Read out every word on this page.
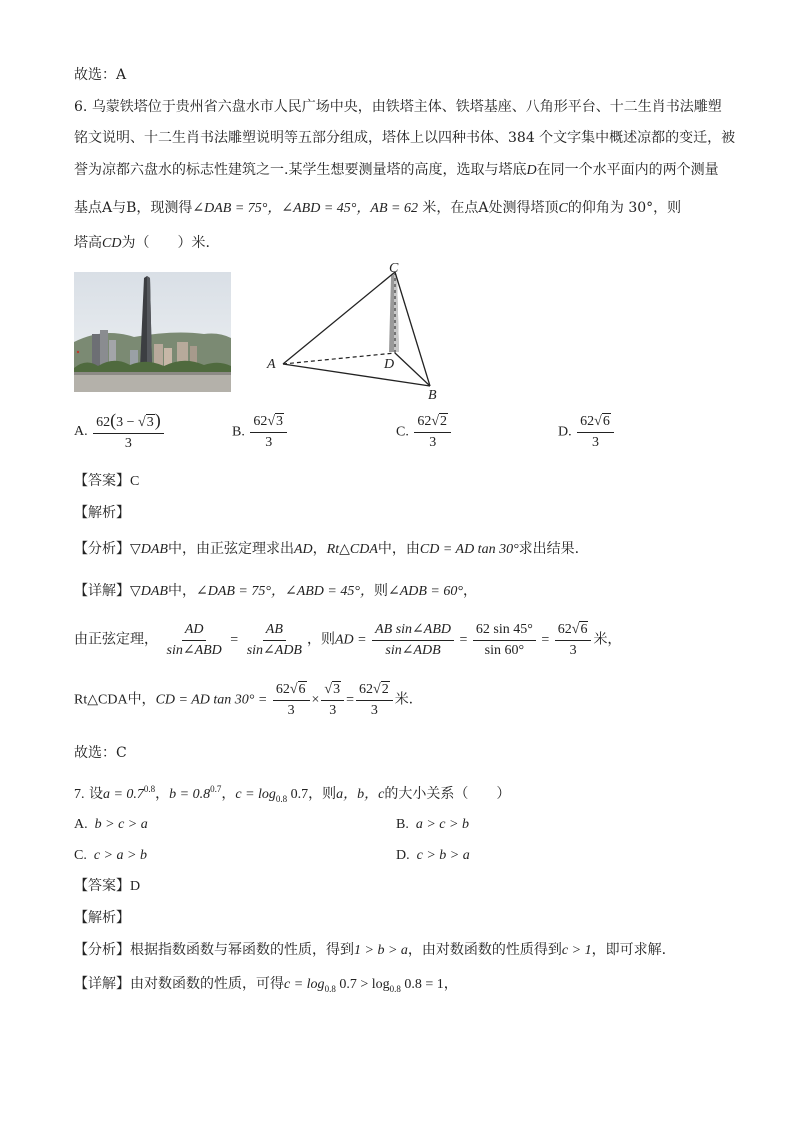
故选：A
6. 乌蒙铁塔位于贵州省六盘水市人民广场中央，由铁塔主体、铁塔基座、八角形平台、十二生肖书法雕塑
铭文说明、十二生肖书法雕塑说明等五部分组成，塔体上以四种书体、384 个文字集中概述凉都的变迁，被
誉为凉都六盘水的标志性建筑之一.某学生想要测量塔的高度，选取与塔底D在同一个水平面内的两个测量
基点A与B，现测得∠DAB = 75°，∠ABD = 45°，AB = 62 米，在点A处测得塔顶C的仰角为 30°，则
塔高CD为（　　）米.
C
A	D
B
A. $\frac{62(3 - √3)}{3}$	B. $\frac{62√3}{3}$	C. $\frac{62√2}{3}$	D. $\frac{62√6}{3}$
【答案】C
【解析】
【分析】▽DAB中，由正弦定理求出AD，Rt△CDA中，由CD = AD tan 30°求出结果.
【详解】▽DAB中，∠DAB = 75°，∠ABD = 45°，则∠ADB = 60°，
由正弦定理， $\frac{AD}{\text{sin∠ABD}} = \frac{AB}{\text{sin∠ADB}}$ ，则AD = $\frac{\text{AB sin∠ABD}}{\text{sin∠ADB}} = \frac{62 \sin 45^\circ}{\sin 60^\circ} = \frac{62√6}{3}$ 米，
Rt△CDA中，CD = AD $\tan 30^\circ = \frac{62√6}{3} \times \frac{√3}{3} = \frac{62√2}{3}$ 米.
故选：C
7. 设$a = 0.7^{0.8}$，$b = 0.8^{0.7}$，$c = \log_{0.8} 0.7$，则a，b，c的大小关系（　　）
A. b > c > a	B. a > c > b
C. c > a > b	D. c > b > a
【答案】D
【解析】
【分析】根据指数函数与幂函数的性质，得到1 > b > a，由对数函数的性质得到c > 1，即可求解.
【详解】由对数函数的性质，可得$c = \log_{0.8} 0.7 > \log_{0.8} 0.8 = 1$，
